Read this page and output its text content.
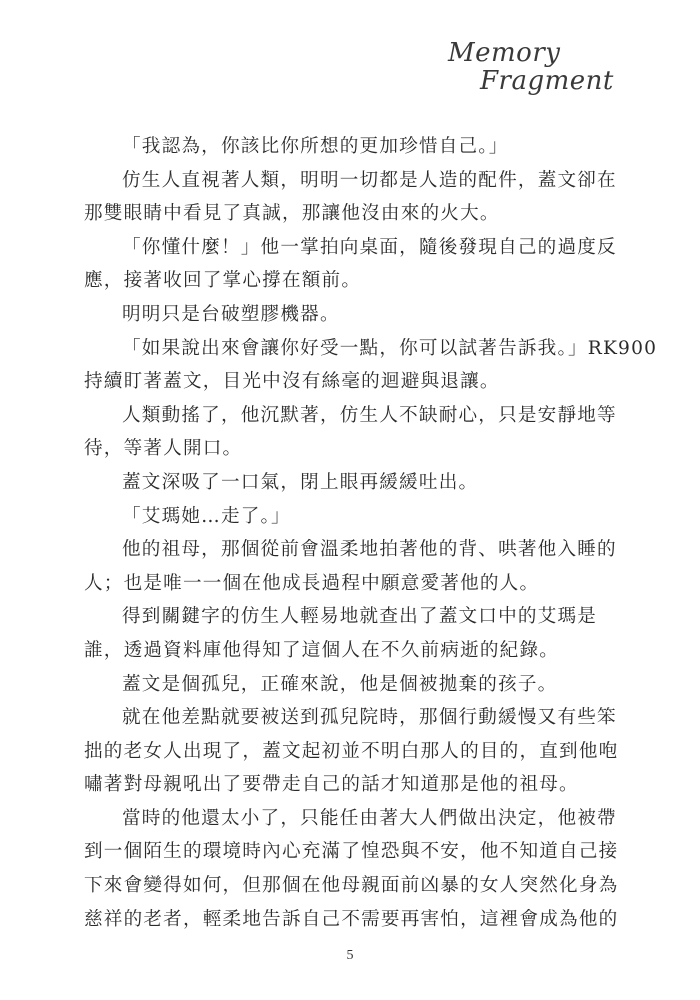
Memory
Fragment
「我認為，你該比你所想的更加珍惜自己。」
仿生人直視著人類，明明一切都是人造的配件，蓋文卻在
那雙眼睛中看見了真誠，那讓他沒由來的火大。
「你懂什麼！」他一掌拍向桌面，隨後發現自己的過度反
應，接著收回了掌心撐在額前。
明明只是台破塑膠機器。
「如果說出來會讓你好受一點，你可以試著告訴我。」RK900
持續盯著蓋文，目光中沒有絲毫的迴避與退讓。
人類動搖了，他沉默著，仿生人不缺耐心，只是安靜地等
待，等著人開口。
蓋文深吸了一口氣，閉上眼再緩緩吐出。
「艾瑪她…走了。」
他的祖母，那個從前會溫柔地拍著他的背、哄著他入睡的
人；也是唯一一個在他成長過程中願意愛著他的人。
得到關鍵字的仿生人輕易地就查出了蓋文口中的艾瑪是
誰，透過資料庫他得知了這個人在不久前病逝的紀錄。
蓋文是個孤兒，正確來說，他是個被拋棄的孩子。
就在他差點就要被送到孤兒院時，那個行動緩慢又有些笨
拙的老女人出現了，蓋文起初並不明白那人的目的，直到他咆
嘯著對母親吼出了要帶走自己的話才知道那是他的祖母。
當時的他還太小了，只能任由著大人們做出決定，他被帶
到一個陌生的環境時內心充滿了惶恐與不安，他不知道自己接
下來會變得如何，但那個在他母親面前凶暴的女人突然化身為
慈祥的老者，輕柔地告訴自己不需要再害怕，這裡會成為他的
5
